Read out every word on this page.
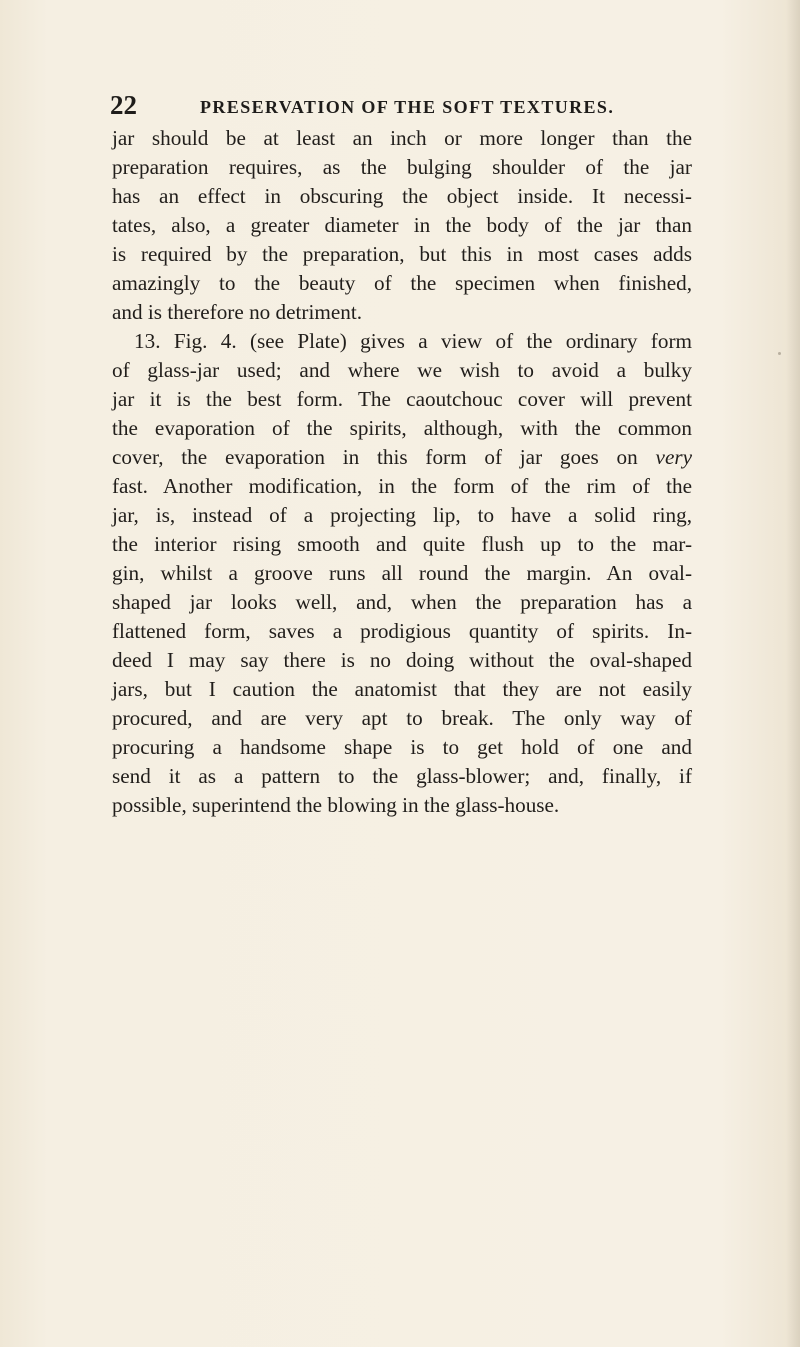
22	PRESERVATION OF THE SOFT TEXTURES.
jar should be at least an inch or more longer than the
preparation requires, as the bulging shoulder of the jar
has an effect in obscuring the object inside. It necessi-
tates, also, a greater diameter in the body of the jar than
is required by the preparation, but this in most cases adds
amazingly to the beauty of the specimen when finished,
and is therefore no detriment.
13. Fig. 4. (see Plate) gives a view of the ordinary form
of glass-jar used; and where we wish to avoid a bulky
jar it is the best form. The caoutchouc cover will prevent
the evaporation of the spirits, although, with the common
cover, the evaporation in this form of jar goes on very
fast. Another modification, in the form of the rim of the
jar, is, instead of a projecting lip, to have a solid ring,
the interior rising smooth and quite flush up to the mar-
gin, whilst a groove runs all round the margin. An oval-
shaped jar looks well, and, when the preparation has a
flattened form, saves a prodigious quantity of spirits. In-
deed I may say there is no doing without the oval-shaped
jars, but I caution the anatomist that they are not easily
procured, and are very apt to break. The only way of
procuring a handsome shape is to get hold of one and
send it as a pattern to the glass-blower; and, finally, if
possible, superintend the blowing in the glass-house.
